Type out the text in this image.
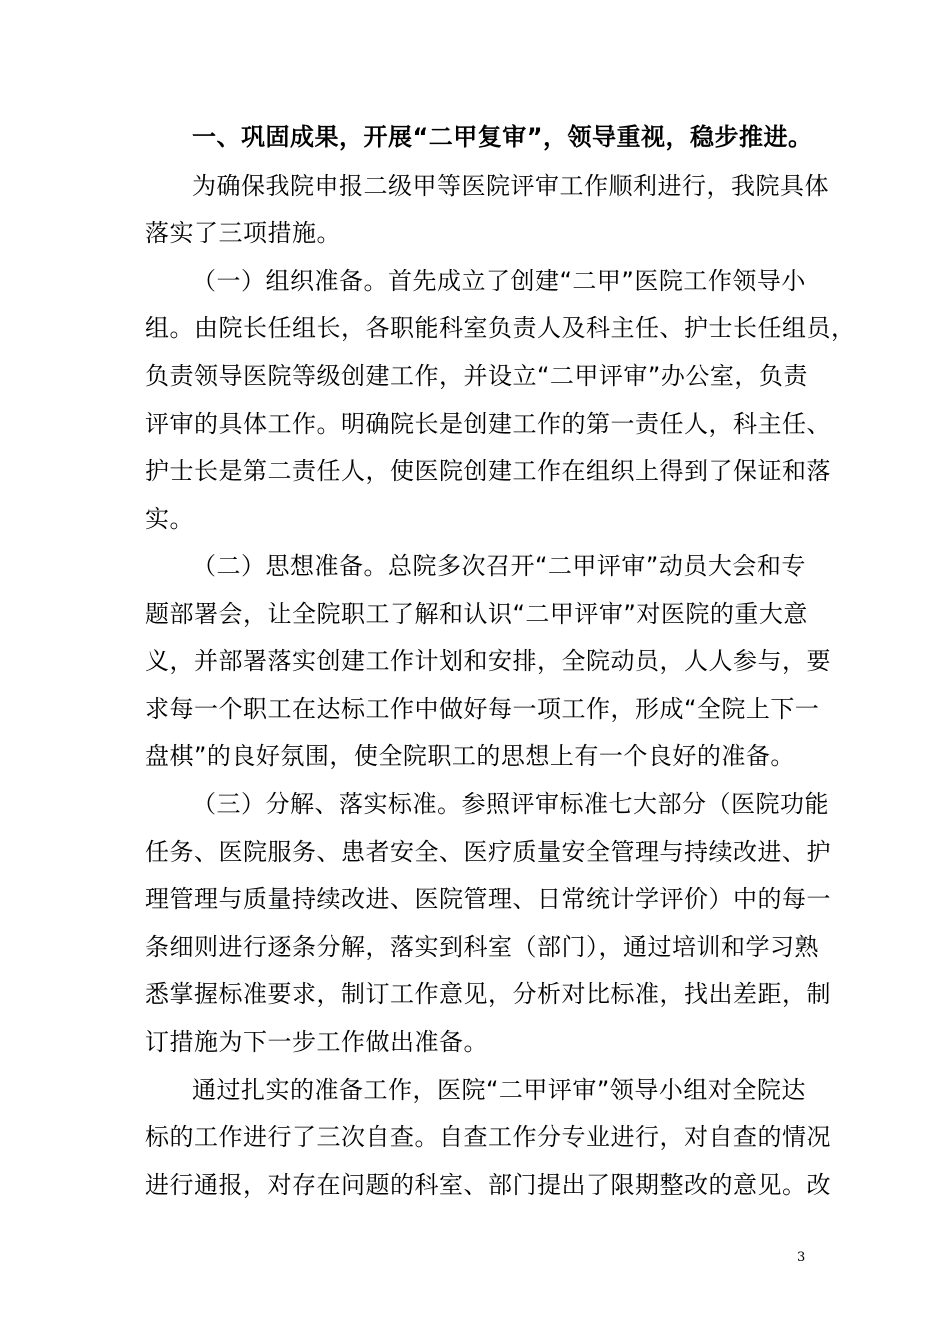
一、巩固成果，开展“二甲复审”，领导重视，稳步推进。
为确保我院申报二级甲等医院评审工作顺利进行，我院具体
落实了三项措施。
（一）组织准备。首先成立了创建“二甲”医院工作领导小
组。由院长任组长，各职能科室负责人及科主任、护士长任组员，
负责领导医院等级创建工作，并设立“二甲评审”办公室，负责
评审的具体工作。明确院长是创建工作的第一责任人，科主任、
护士长是第二责任人，使医院创建工作在组织上得到了保证和落
实。
（二）思想准备。总院多次召开“二甲评审”动员大会和专
题部署会，让全院职工了解和认识“二甲评审”对医院的重大意
义，并部署落实创建工作计划和安排，全院动员，人人参与，要
求每一个职工在达标工作中做好每一项工作，形成“全院上下一
盘棋”的良好氛围，使全院职工的思想上有一个良好的准备。
（三）分解、落实标准。参照评审标准七大部分（医院功能
任务、医院服务、患者安全、医疗质量安全管理与持续改进、护
理管理与质量持续改进、医院管理、日常统计学评价）中的每一
条细则进行逐条分解，落实到科室（部门），通过培训和学习熟
悉掌握标准要求，制订工作意见，分析对比标准，找出差距，制
订措施为下一步工作做出准备。
通过扎实的准备工作，医院“二甲评审”领导小组对全院达
标的工作进行了三次自查。自查工作分专业进行，对自查的情况
进行通报，对存在问题的科室、部门提出了限期整改的意见。改
3
